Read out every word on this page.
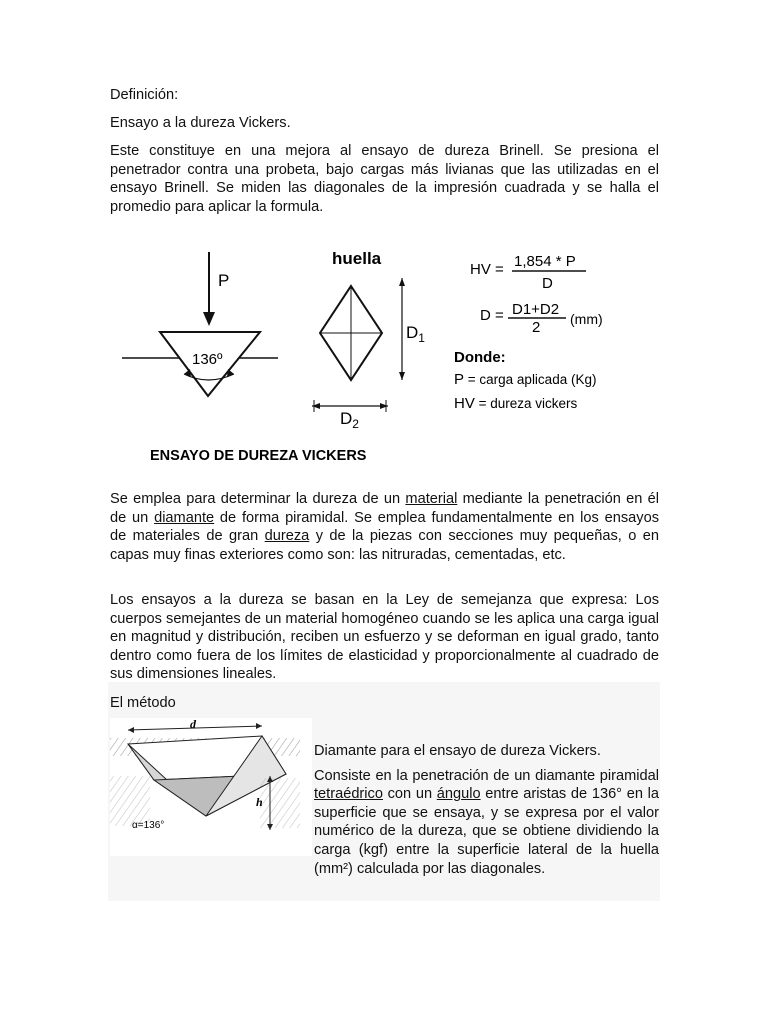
Definición:

Ensayo a la dureza Vickers.

Este constituye en una mejora al ensayo de dureza Brinell. Se presiona el penetrador contra una probeta, bajo cargas más livianas que las utilizadas en el ensayo Brinell. Se miden las diagonales de la impresión cuadrada y se halla el promedio para aplicar la formula.

P
136º
huella
$D_1$
$D_2$
HV = 1,854 * P
D
D = D1+D2
2 (mm)
Donde:
P = carga aplicada (Kg)
HV = dureza vickers
ENSAYO DE DUREZA VICKERS

Se emplea para determinar la dureza de un material mediante la penetración en él de un diamante de forma piramidal. Se emplea fundamentalmente en los ensayos de materiales de gran dureza y de la piezas con secciones muy pequeñas, o en capas muy finas exteriores como son: las nitruradas, cementadas, etc.

Los ensayos a la dureza se basan en la Ley de semejanza que expresa: Los cuerpos semejantes de un material homogéneo cuando se les aplica una carga igual en magnitud y distribución, reciben un esfuerzo y se deforman en igual grado, tanto dentro como fuera de los límites de elasticidad y proporcionalmente al cuadrado de sus dimensiones lineales.

El método

d
h
α=136°

Diamante para el ensayo de dureza Vickers.

Consiste en la penetración de un diamante piramidal tetraédrico con un ángulo entre aristas de 136° en la superficie que se ensaya, y se expresa por el valor numérico de la dureza, que se obtiene dividiendo la carga (kgf) entre la superficie lateral de la huella (mm²) calculada por las diagonales.
